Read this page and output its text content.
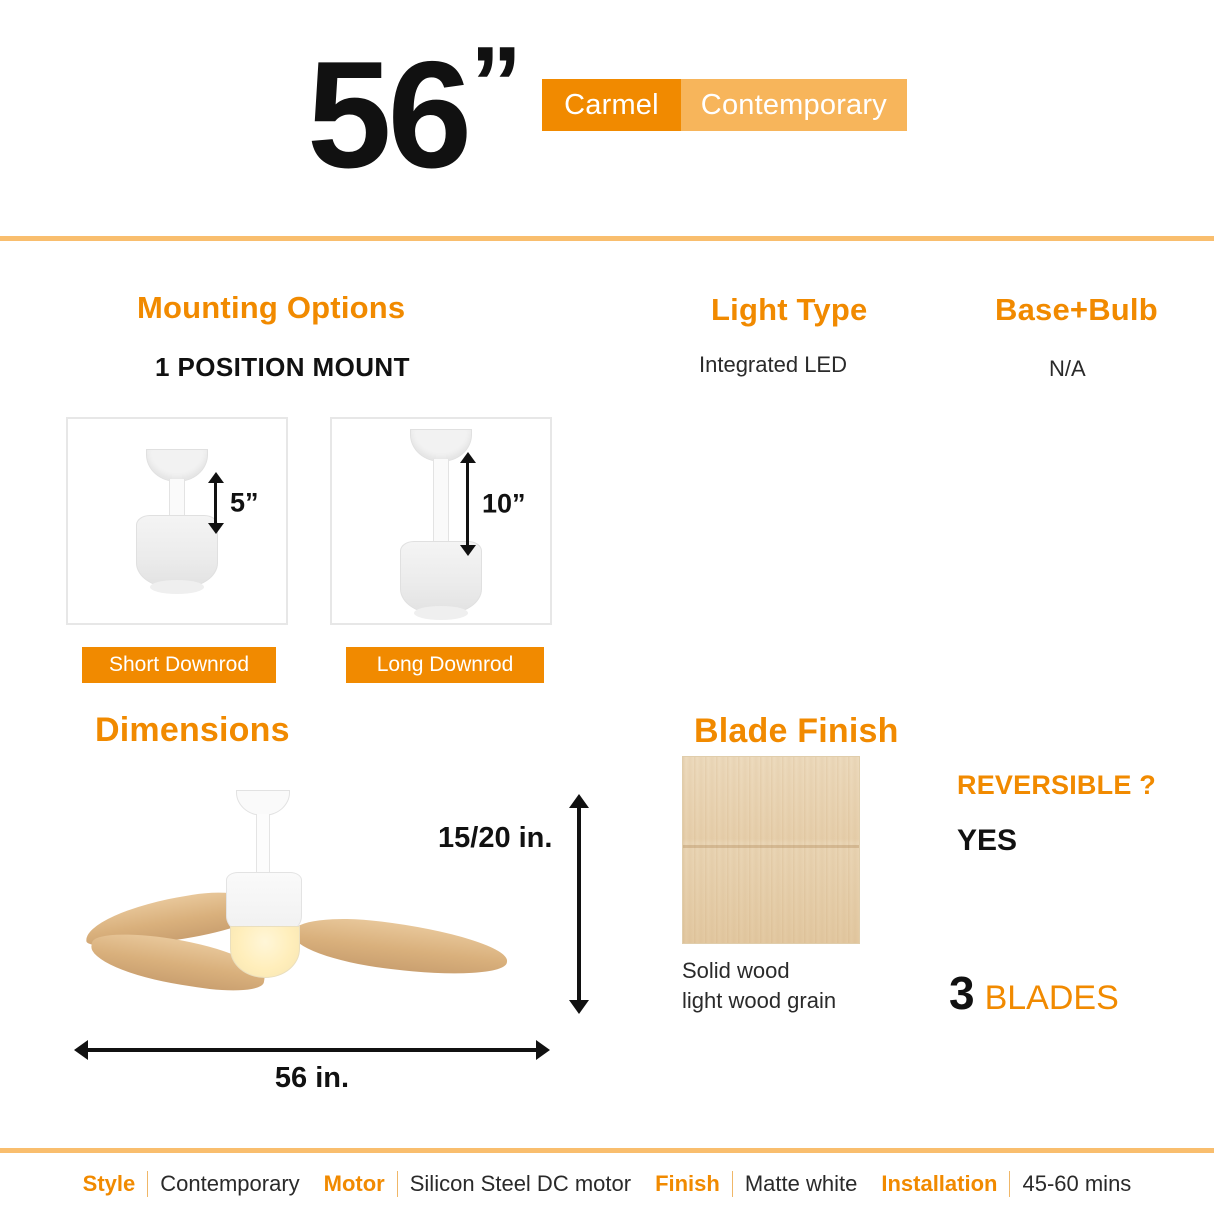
56 ”	Carmel	Contemporary
Mounting Options
1 POSITION MOUNT
5”	10”
Short Downrod	Long Downrod
Light Type
Integrated LED
Base+Bulb
N/A
Dimensions
15/20 in.
56 in.
Blade Finish
Solid wood
light wood grain
REVERSIBLE ?
YES
3 BLADES
Style	Contemporary	Motor	Silicon Steel DC motor	Finish	Matte white	Installation	45-60 mins
